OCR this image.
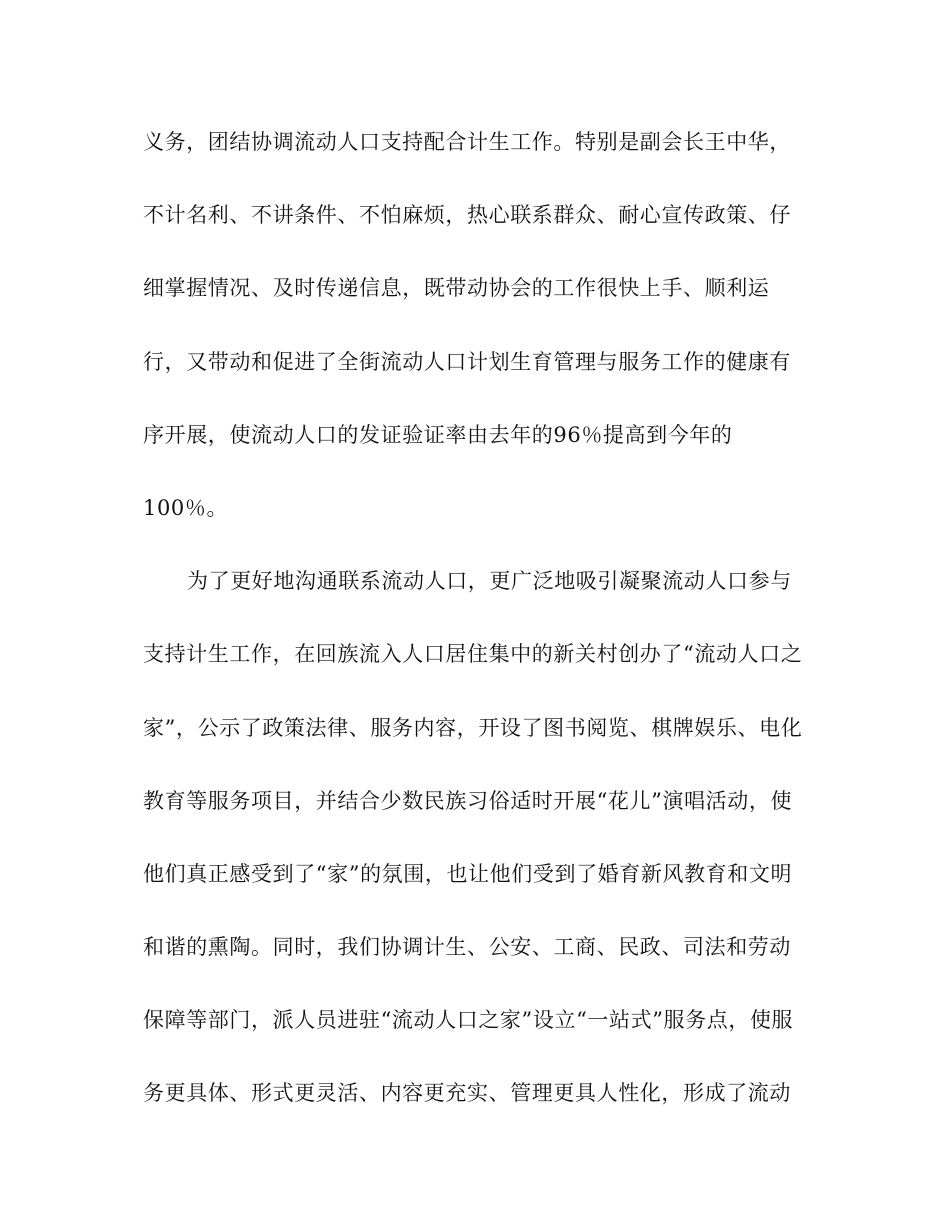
义务，团结协调流动人口支持配合计生工作。特别是副会长王中华，
不计名利、不讲条件、不怕麻烦，热心联系群众、耐心宣传政策、仔
细掌握情况、及时传递信息，既带动协会的工作很快上手、顺利运
行，又带动和促进了全街流动人口计划生育管理与服务工作的健康有
序开展，使流动人口的发证验证率由去年的96％提高到今年的
100％。
为了更好地沟通联系流动人口，更广泛地吸引凝聚流动人口参与
支持计生工作，在回族流入人口居住集中的新关村创办了“流动人口之
家”，公示了政策法律、服务内容，开设了图书阅览、棋牌娱乐、电化
教育等服务项目，并结合少数民族习俗适时开展“花儿”演唱活动，使
他们真正感受到了“家”的氛围，也让他们受到了婚育新风教育和文明
和谐的熏陶。同时，我们协调计生、公安、工商、民政、司法和劳动
保障等部门，派人员进驻“流动人口之家”设立“一站式”服务点，使服
务更具体、形式更灵活、内容更充实、管理更具人性化，形成了流动
